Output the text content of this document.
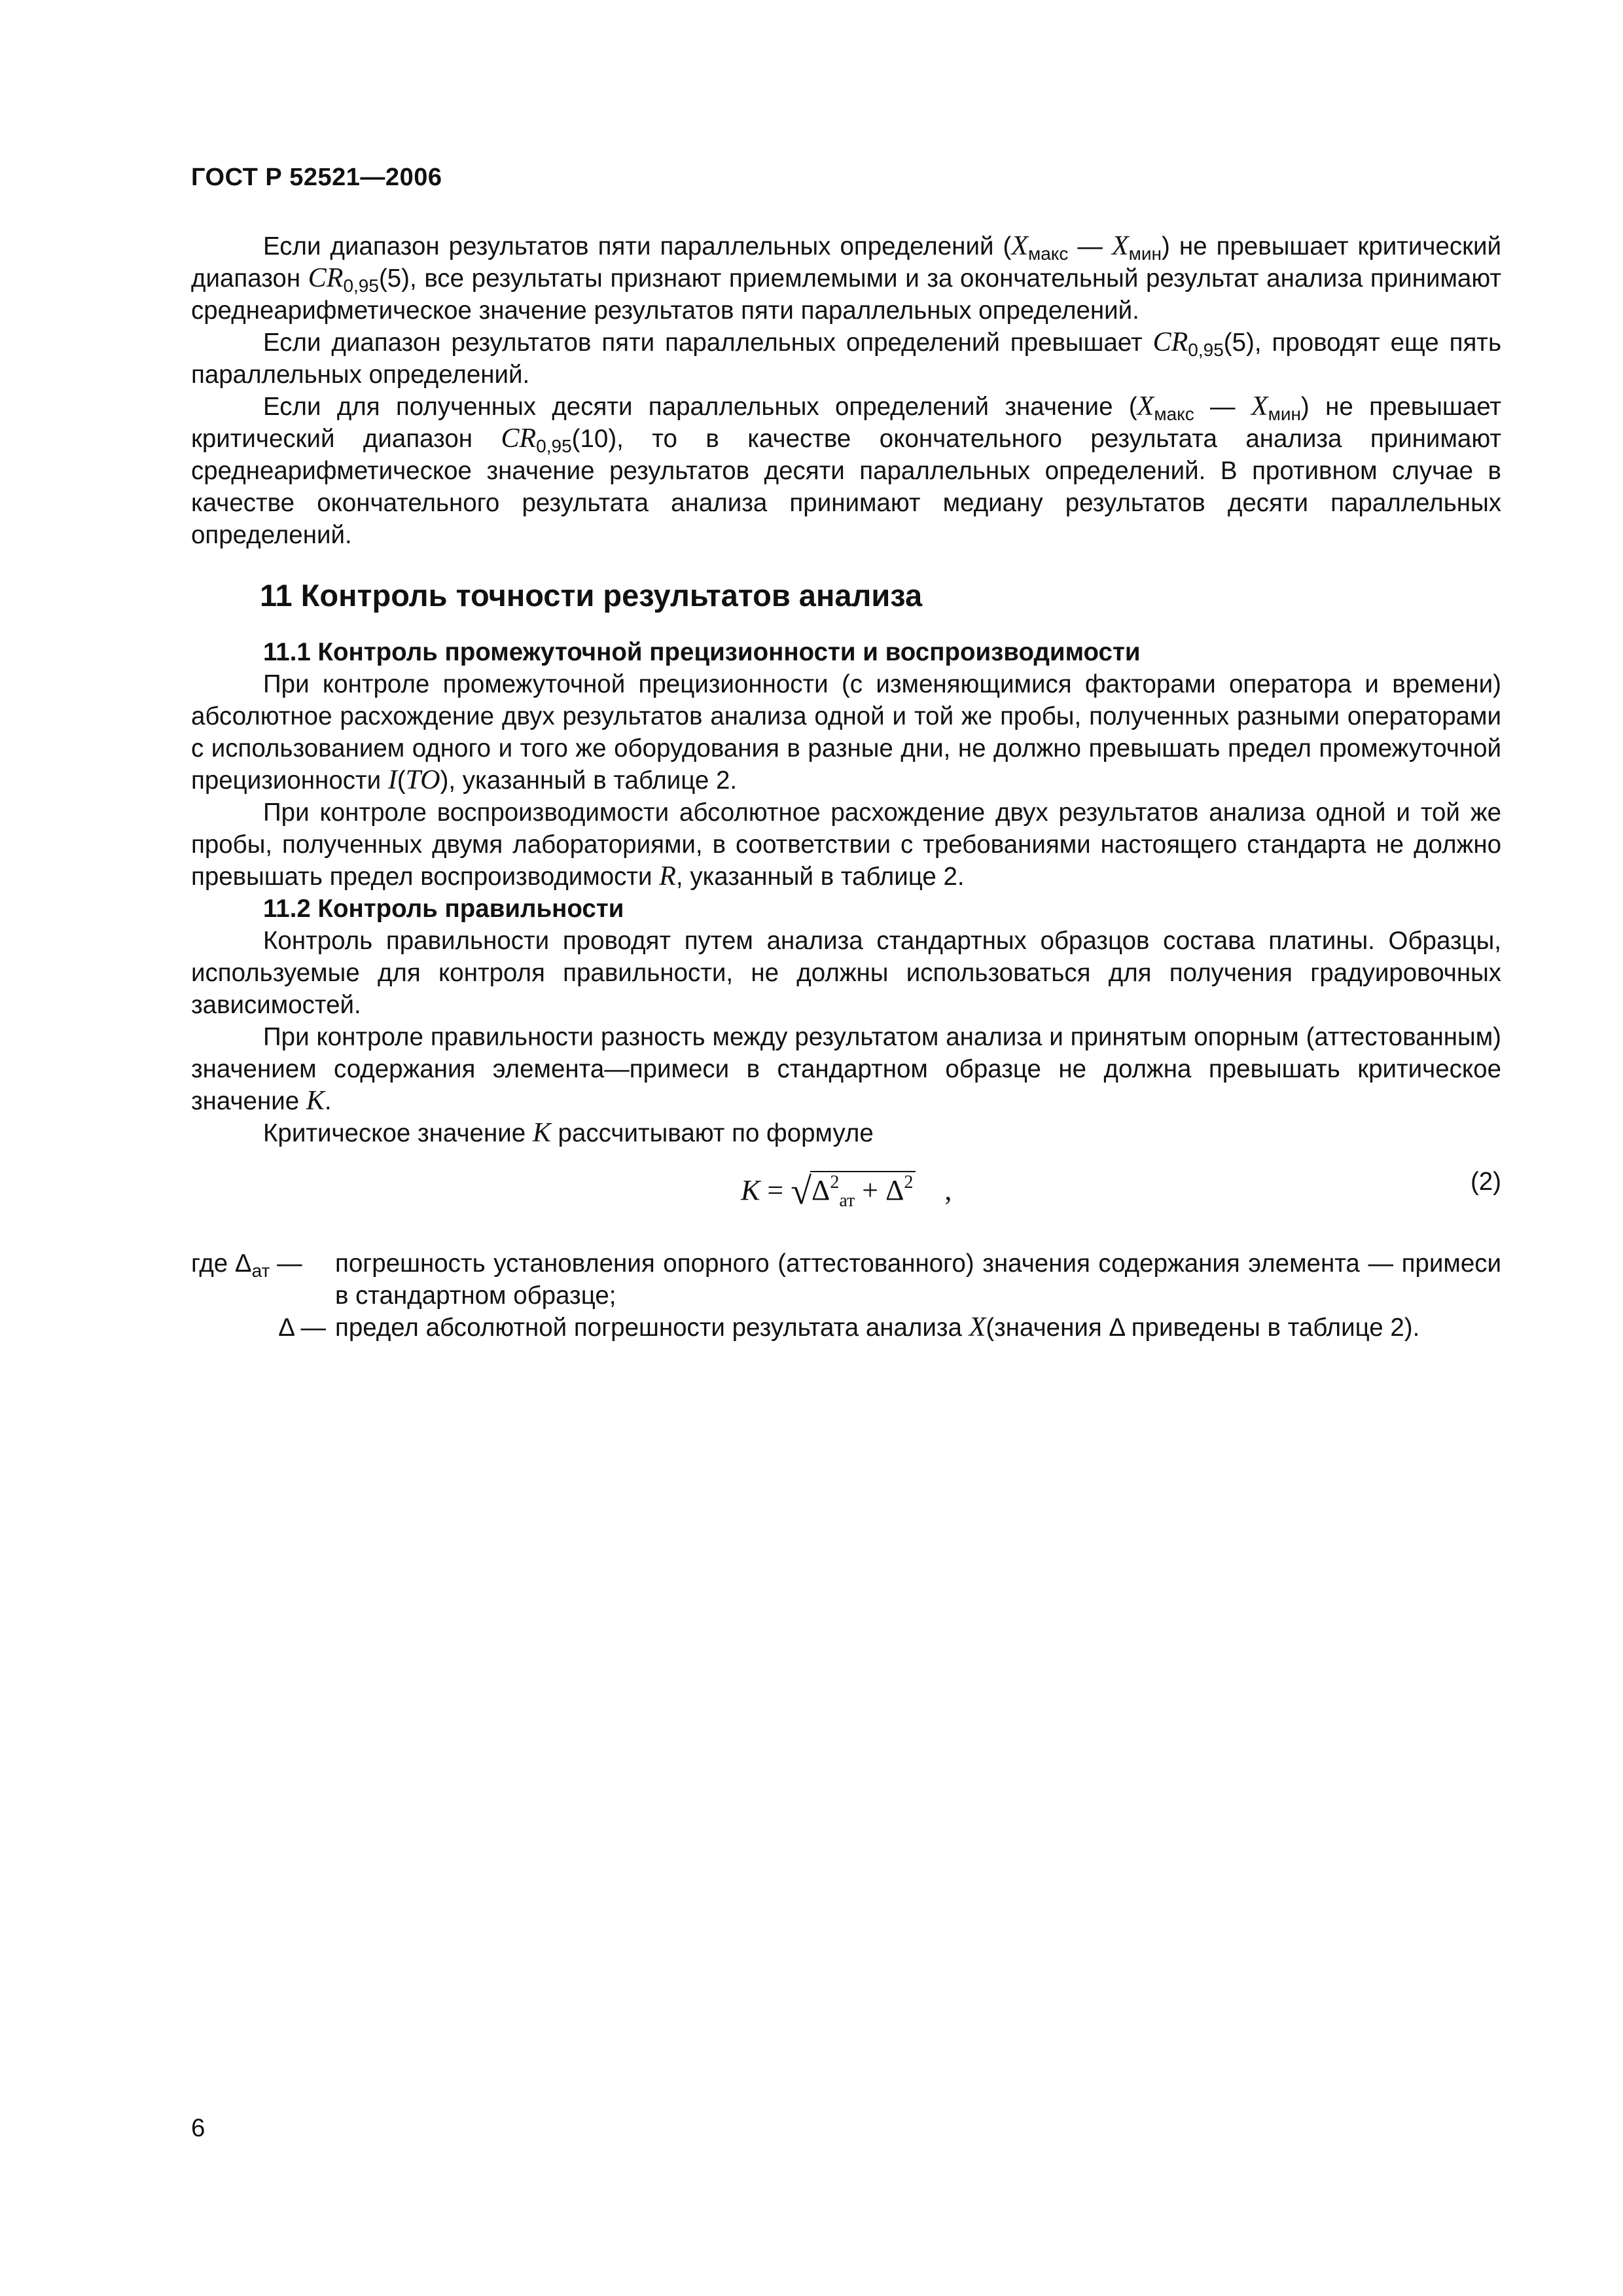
ГОСТ Р 52521—2006

Если диапазон результатов пяти параллельных определений ($X_{макс}$ — $X_{мин}$) не превышает критический диапазон $CR_{0,95}(5)$, все результаты признают приемлемыми и за окончательный результат анализа принимают среднеарифметическое значение результатов пяти параллельных определений.

Если диапазон результатов пяти параллельных определений превышает $CR_{0,95}(5)$, проводят еще пять параллельных определений.

Если для полученных десяти параллельных определений значение ($X_{макс}$ — $X_{мин}$) не превышает критический диапазон $CR_{0,95}(10)$, то в качестве окончательного результата анализа принимают среднеарифметическое значение результатов десяти параллельных определений. В противном случае в качестве окончательного результата анализа принимают медиану результатов десяти параллельных определений.

11 Контроль точности результатов анализа
11.1 Контроль промежуточной прецизионности и воспроизводимости

При контроле промежуточной прецизионности (с изменяющимися факторами оператора и времени) абсолютное расхождение двух результатов анализа одной и той же пробы, полученных разными операторами с использованием одного и того же оборудования в разные дни, не должно превышать предел промежуточной прецизионности I(TO), указанный в таблице 2.

При контроле воспроизводимости абсолютное расхождение двух результатов анализа одной и той же пробы, полученных двумя лабораториями, в соответствии с требованиями настоящего стандарта не должно превышать предел воспроизводимости R, указанный в таблице 2.

11.2 Контроль правильности

Контроль правильности проводят путем анализа стандартных образцов состава платины. Образцы, используемые для контроля правильности, не должны использоваться для получения градуировочных зависимостей.

При контроле правильности разность между результатом анализа и принятым опорным (аттестованным) значением содержания элемента—примеси в стандартном образце не должна превышать критическое значение K.

Критическое значение K рассчитывают по формуле

$K = √\Delta^2_{ат} + \Delta^2$ ,	(2)
где $\Delta_{ат}$ —	погрешность установления опорного (аттестованного) значения содержания элемента — примеси в стандартном образце;
Δ — предел абсолютной погрешности результата анализа X(значения Δ приведены в таблице 2).
6
